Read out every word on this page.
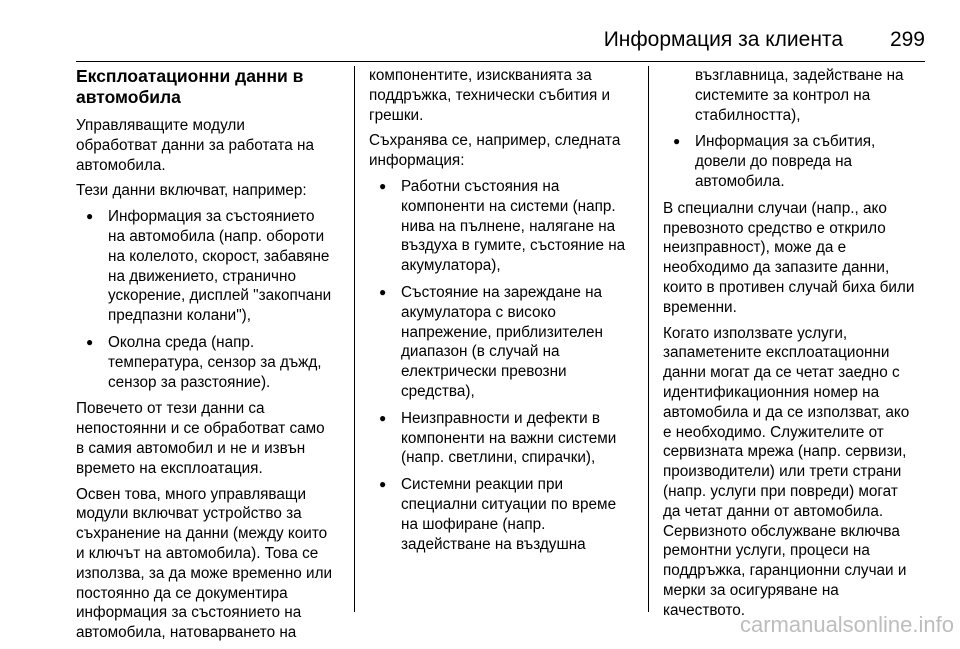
Информация за клиента 299
Експлоатационни данни в
автомобила

Управляващите модули
обработват данни за работата на
автомобила.

Тези данни включват, например:

● Информация за състоянието
на автомобила (напр. обороти
на колелото, скорост, забавяне
на движението, странично
ускорение, дисплей "закопчани
предпазни колани"),
● Околна среда (напр.
температура, сензор за дъжд,
сензор за разстояние).

Повечето от тези данни са
непостоянни и се обработват само
в самия автомобил и не и извън
времето на експлоатация.

Освен това, много управляващи
модули включват устройство за
съхранение на данни (между които
и ключът на автомобила). Това се
използва, за да може временно или
постоянно да се документира
информация за състоянието на
автомобила, натоварването на

компонентите, изискванията за
поддръжка, технически събития и
грешки.

Съхранява се, например, следната
информация:

● Работни състояния на
компоненти на системи (напр.
нива на пълнене, налягане на
въздуха в гумите, състояние на
акумулатора),
● Състояние на зареждане на
акумулатора с високо
напрежение, приблизителен
диапазон (в случай на
електрически превозни
средства),
● Неизправности и дефекти в
компоненти на важни системи
(напр. светлини, спирачки),
● Системни реакции при
специални ситуации по време
на шофиране (напр.
задействане на въздушна
възглавница, задействане на
системите за контрол на
стабилността),
● Информация за събития,
довели до повреда на
автомобила.

В специални случаи (напр., ако
превозното средство е открило
неизправност), може да е
необходимо да запазите данни,
които в противен случай биха били
временни.

Когато използвате услуги,
запаметените експлоатационни
данни могат да се четат заедно с
идентификационния номер на
автомобила и да се използват, ако
е необходимо. Служителите от
сервизната мрежа (напр. сервизи,
производители) или трети страни
(напр. услуги при повреди) могат
да четат данни от автомобила.
Сервизното обслужване включва
ремонтни услуги, процеси на
поддръжка, гаранционни случаи и
мерки за осигуряване на
качеството.

carmanualsonline.info
